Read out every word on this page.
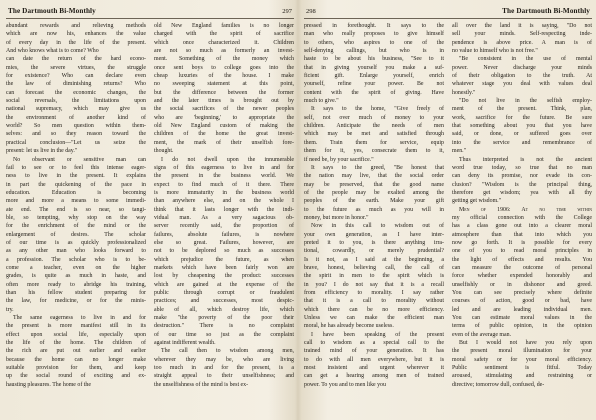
The Dartmouth Bi-Monthly	297
abundant rewards and relieving methods
which are now his, enhances the value
of every day in the life of the present.
And who knows what is to come? Who
can date the return of the hard econo-
mies, the severe virtues, the struggle
for existence? Who can declare even
the law of diminishing returns? Who
can forecast the economic changes, the
social reversals, the limitations upon
national supremacy, which may give us
the environment of another kind of
world? So men question within them-
selves: and so they reason toward the
practical conclusion—"Let us seize the
present: let us live in the day."
No observant or sensitive man can
fail to see or to feel this intense eager-
ness to live in the present. It explains
in part the quickening of the pace in
education. Education is becoming
more and more a means to some immedi-
ate end. The end is so near, so tangi-
ble, so tempting, why stop on the way
for the enrichment of the mind or the
enlargement of desires. The scholar
of our time is as quickly professionalized
as any other man who looks forward to
a profession. The scholar who is to be-
come a teacher, even on the higher
grades, is quite as much in haste, and
often more ready to abridge his training,
than his fellow student preparing for
the law, for medicine, or for the minis-
try.
The same eagerness to live in and for
the present is more manifest still in its
effect upon social life, especially upon
the life of the home. The children of
the rich are put out earlier and earlier
because the home can no longer make
suitable provision for them, and keep
up the social round of exciting and ex-
hausting pleasures. The home of the
old New England families is no longer
charged with the spirit of sacrifice
which once characterized it. Children
are not so much as formerly an invest-
ment. Something of the money which
once sent boys to college goes into the
cheap luxuries of the house. I make
no sweeping statement at this point,
but the difference between the former
and the later times is brought out by
the social sacrifices of the newer peoples
who are 'beginning,' to appropriate the
old New England custom of making the
children of the home the great invest-
ment, the mark of their unselfish fore-
thought.
I do not dwell upon the innumerable
signs of this eagerness to live in and for
the present in the business world. We
expect to find much of it there. There
is more immaturity in the business world
than anywhere else, and on the whole I
think that it lasts longer with the indi-
vidual man. As a very sagacious ob-
server recently said, the proportion of
failures, absolute failures, is nowhere
else so great. Failures, however, are
not to be deplored so much as successes
which prejudice the future, as when
markets which have been fairly won are
lost by cheapening the product: successes
which are gained at the expense of the
public through corrupt or fraudulent
practices; and successes, most despic-
able of all, which destroy life, which
make "the poverty of the poor their
destruction." There is no complaint
of our time so just as the complaint
against indifferent wealth.
The call then to wisdom among men,
wherever they may be, who are living
too much in and for the present, is a
straight appeal to their unselfishness; and
the unselfishness of the mind is best ex-
298	The Dartmouth Bi-Monthly
pressed in forethought. It says to the
man who really proposes to give himself
to others, who aspires to one of the
self-denying callings, but who is in
haste to be about his business, "See to it
that in giving yourself you make a suf-
ficient gift. Enlarge yourself, enrich
yourself, refine your power. Be not
content with the spirit of giving. Have
much to give."
It says to the home, "Give freely of
self, not over much of money to your
children. Anticipate the needs of men
which may be met and satisfied through
them. Train them for service, equip
them for it, yes, consecrate them to it,
if need be, by your sacrifice."
It says to the greed, "Be honest that
the nation may live, that the social order
may be preserved, that the good name
of the people may be exalted among the
peoples of the earth. Make your gift
to the future as much as you will in
money, but more in honor."
Now in this call to wisdom out of
your own generation, as I have inter-
preted it to you, is there anything irra-
tional, cowardly, or merely prudential?
Is it not, as I said at the beginning, a
brave, honest, believing call, the call of
the spirit in men to the spirit which is
in you? I do not say that it is a recall
from efficiency to morality. I say rather
that it is a call to morality without
which there can be no more efficiency.
Unless we can make the efficient man
moral, he has already become useless.
I have been speaking of the present
call to wisdom as a special call to the
trained mind of your generation. It has
to do with all men everywhere, but it is
most insistent and urgent wherever it
can get a hearing among men of trained
power. To you and to men like you
all over the land it is saying, "Do not
sell your minds. Self-respecting inde-
pendence is above price. A man is of
no value to himself who is not free."
"Be consistent in the use of mental
power. Never discharge your minds
of their obligation to the truth. At
whatever stage you deal with values deal
honestly."
"Do not live in the selfish employ-
ment of the present. Think, plan,
work, sacrifice for the future. Be sure
that something about you that you have
said, or done, or suffered goes over
into the service and remembrance of
men."
Thus interpreted is not the ancient
word true today, so true that no man
can deny its promise, nor evade its con-
clusion? "Wisdom is the principal thing,
therefore get wisdom; yea with all thy
getting get wisdom."
Men of 1906: At no time within
my official connection with the College
has a class gone out into a clearer moral
atmosphere than that into which you
now go forth. It is possible for every
one of you to read moral principles in
the light of effects and results. You
can measure the outcome of personal
force whether expended honorably and
unselfishly or in dishonor and greed.
You can see precisely where definite
courses of action, good or bad, have
led and are leading individual men.
You can estimate moral values in the
terms of public opinion, in the opinion
even of the average man.
But I would not have you rely upon
the present moral illumination for your
moral safety or for your moral efficiency.
Public sentiment is fitful. Today
aroused, stimulating and restraining or
directive; tomorrow dull, confused, de-
